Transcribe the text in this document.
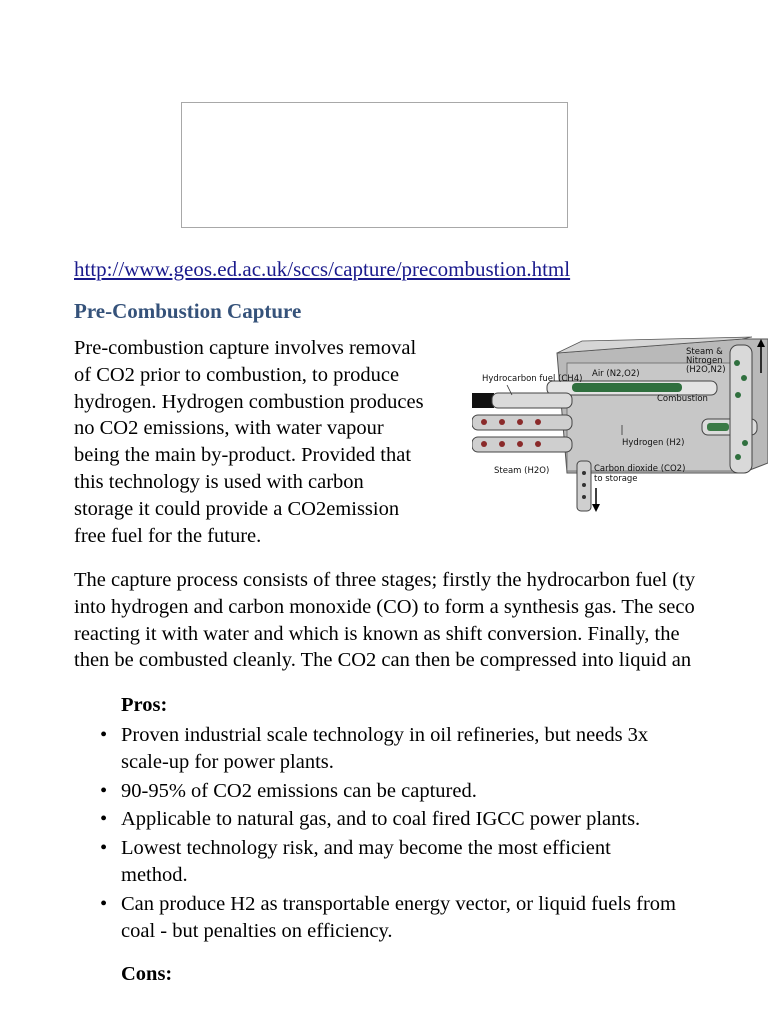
http://www.geos.ed.ac.uk/sccs/capture/precombustion.html
Pre-Combustion Capture
Pre-combustion capture involves removal
of CO2 prior to combustion, to produce
hydrogen. Hydrogen combustion produces
no CO2 emissions, with water vapour
being the main by-product. Provided that
this technology is used with carbon
storage it could provide a CO2emission
free fuel for the future.
Hydrocarbon fuel (CH4) Air (N2,O2)
Steam &
Nitrogen
(H2O,N2)
Combustion
Hydrogen (H2)
Steam (H2O)	Carbon dioxide (CO2)
to storage
The capture process consists of three stages; firstly the hydrocarbon fuel (ty
into hydrogen and carbon monoxide (CO) to form a synthesis gas. The seco
reacting it with water and which is known as shift conversion. Finally, the
then be combusted cleanly. The CO2 can then be compressed into liquid an
Pros:
• Proven industrial scale technology in oil refineries, but needs 3x
scale-up for power plants.
• 90-95% of CO2 emissions can be captured.
• Applicable to natural gas, and to coal fired IGCC power plants.
• Lowest technology risk, and may become the most efficient
method.
• Can produce H2 as transportable energy vector, or liquid fuels from
coal - but penalties on efficiency.
Cons:
